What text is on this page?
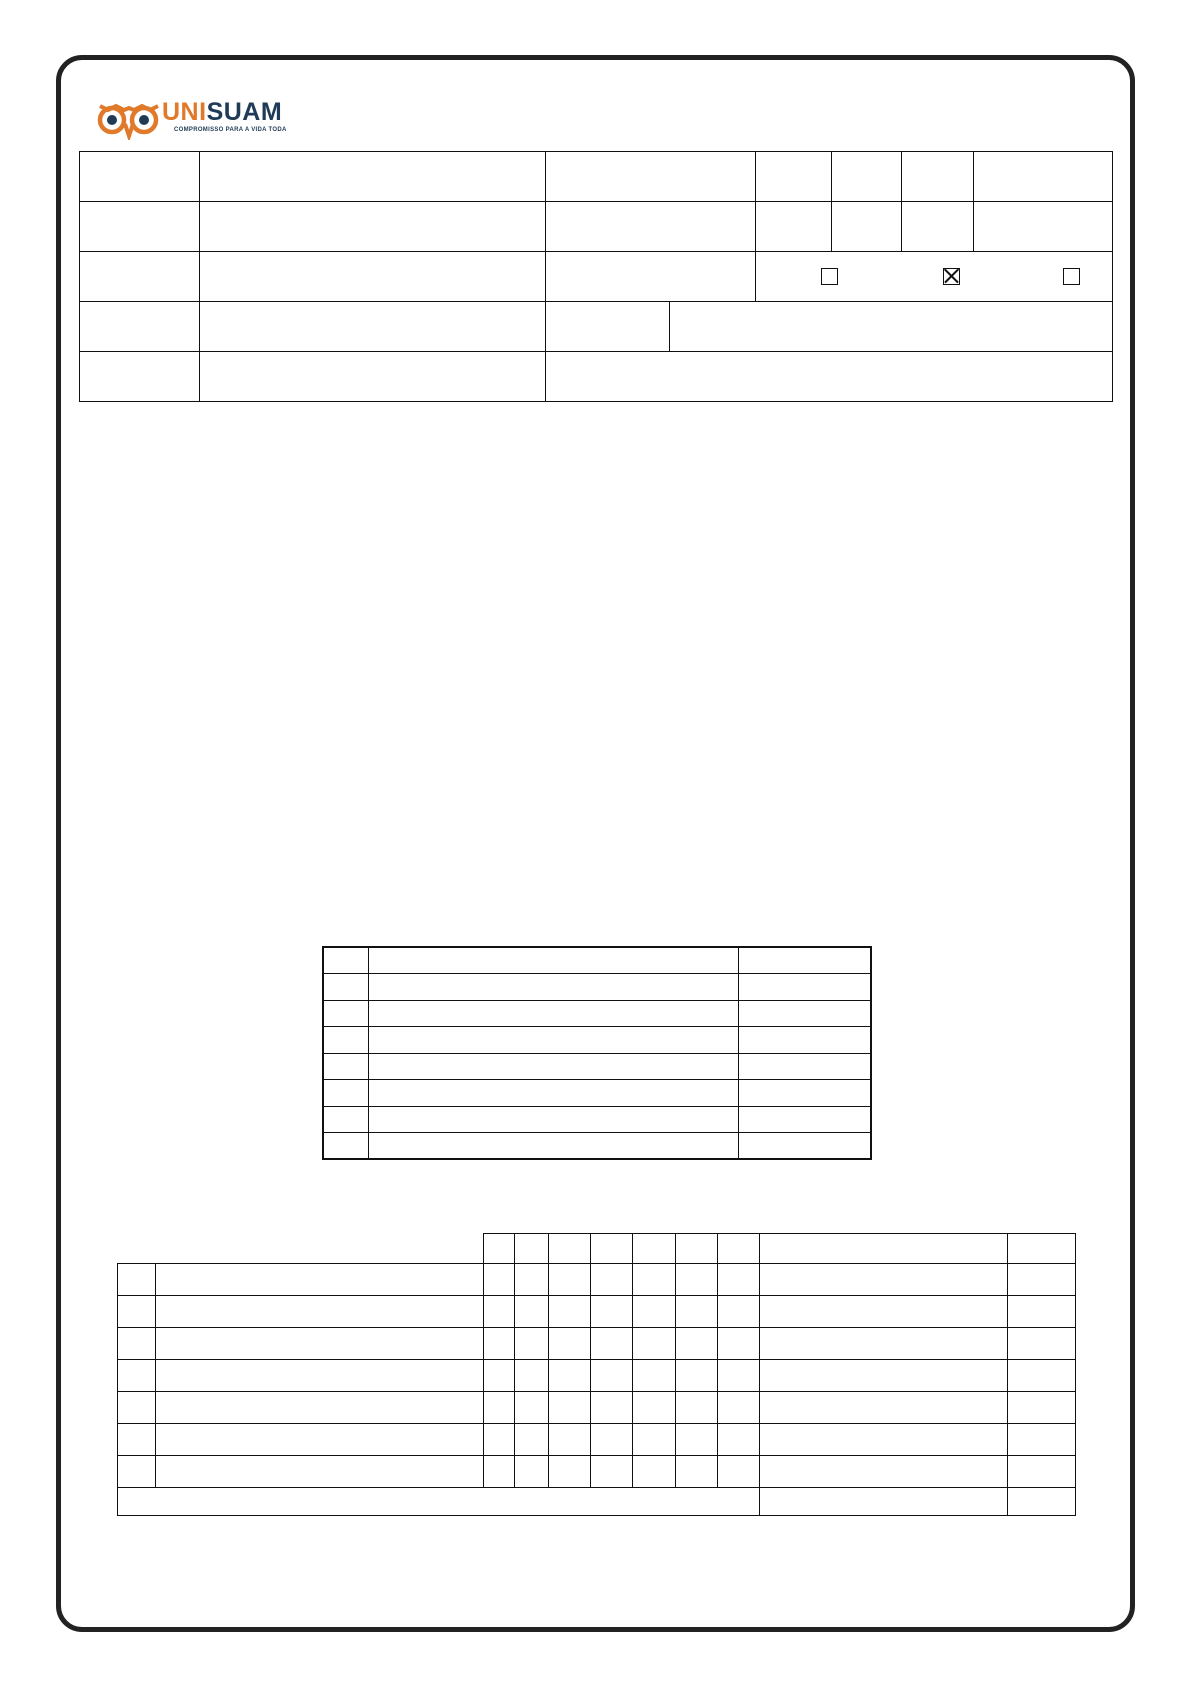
UNISUAM
COMPROMISSO PARA A VIDA TODA
